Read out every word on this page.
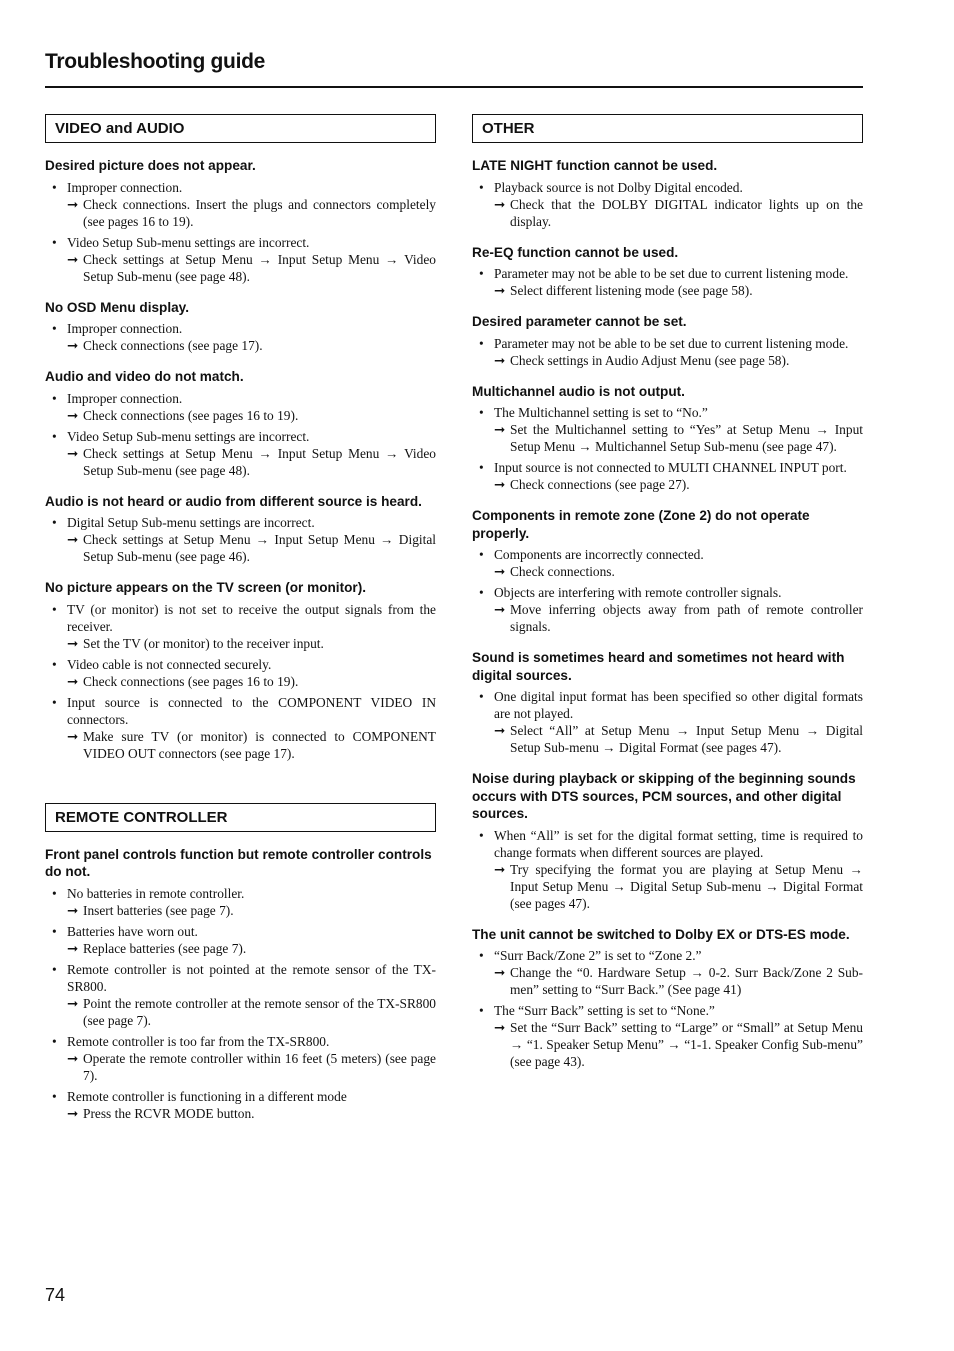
Troubleshooting guide
VIDEO and AUDIO
Desired picture does not appear.
• Improper connection.
➞ Check connections. Insert the plugs and connectors completely (see pages 16 to 19).
• Video Setup Sub-menu settings are incorrect.
➞ Check settings at Setup Menu → Input Setup Menu → Video Setup Sub-menu (see page 48).
No OSD Menu display.
• Improper connection.
➞ Check connections (see page 17).
Audio and video do not match.
• Improper connection.
➞ Check connections (see pages 16 to 19).
• Video Setup Sub-menu settings are incorrect.
➞ Check settings at Setup Menu → Input Setup Menu → Video Setup Sub-menu (see page 48).
Audio is not heard or audio from different source is heard.
• Digital Setup Sub-menu settings are incorrect.
➞ Check settings at Setup Menu → Input Setup Menu → Digital Setup Sub-menu (see page 46).
No picture appears on the TV screen (or monitor).
• TV (or monitor) is not set to receive the output signals from the receiver.
➞ Set the TV (or monitor) to the receiver input.
• Video cable is not connected securely.
➞ Check connections (see pages 16 to 19).
• Input source is connected to the COMPONENT VIDEO IN connectors.
➞ Make sure TV (or monitor) is connected to COMPONENT VIDEO OUT connectors (see page 17).
REMOTE CONTROLLER
Front panel controls function but remote controller controls do not.
• No batteries in remote controller.
➞ Insert batteries (see page 7).
• Batteries have worn out.
➞ Replace batteries (see page 7).
• Remote controller is not pointed at the remote sensor of the TX-SR800.
➞ Point the remote controller at the remote sensor of the TX-SR800 (see page 7).
• Remote controller is too far from the TX-SR800.
➞ Operate the remote controller within 16 feet (5 meters) (see page 7).
• Remote controller is functioning in a different mode
➞ Press the RCVR MODE button.
OTHER
LATE NIGHT function cannot be used.
• Playback source is not Dolby Digital encoded.
➞ Check that the DOLBY DIGITAL indicator lights up on the display.
Re-EQ function cannot be used.
• Parameter may not be able to be set due to current listening mode.
➞ Select different listening mode (see page 58).
Desired parameter cannot be set.
• Parameter may not be able to be set due to current listening mode.
➞ Check settings in Audio Adjust Menu (see page 58).
Multichannel audio is not output.
• The Multichannel setting is set to “No.”
➞ Set the Multichannel setting to “Yes” at Setup Menu → Input Setup Menu → Multichannel Setup Sub-menu (see page 47).
• Input source is not connected to MULTI CHANNEL INPUT port.
➞ Check connections (see page 27).
Components in remote zone (Zone 2) do not operate properly.
• Components are incorrectly connected.
➞ Check connections.
• Objects are interfering with remote controller signals.
➞ Move inferring objects away from path of remote controller signals.
Sound is sometimes heard and sometimes not heard with digital sources.
• One digital input format has been specified so other digital formats are not played.
➞ Select “All” at Setup Menu → Input Setup Menu → Digital Setup Sub-menu → Digital Format (see pages 47).
Noise during playback or skipping of the beginning sounds occurs with DTS sources, PCM sources, and other digital sources.
• When “All” is set for the digital format setting, time is required to change formats when different sources are played.
➞ Try specifying the format you are playing at Setup Menu → Input Setup Menu → Digital Setup Sub-menu → Digital Format (see pages 47).
The unit cannot be switched to Dolby EX or DTS-ES mode.
• “Surr Back/Zone 2” is set to “Zone 2.”
➞ Change the “0. Hardware Setup → 0-2. Surr Back/Zone 2 Sub-men” setting to “Surr Back.” (See page 41)
• The “Surr Back” setting is set to “None.”
➞ Set the “Surr Back” setting to “Large” or “Small” at Setup Menu → “1. Speaker Setup Menu” → “1-1. Speaker Config Sub-menu” (see page 43).
74
